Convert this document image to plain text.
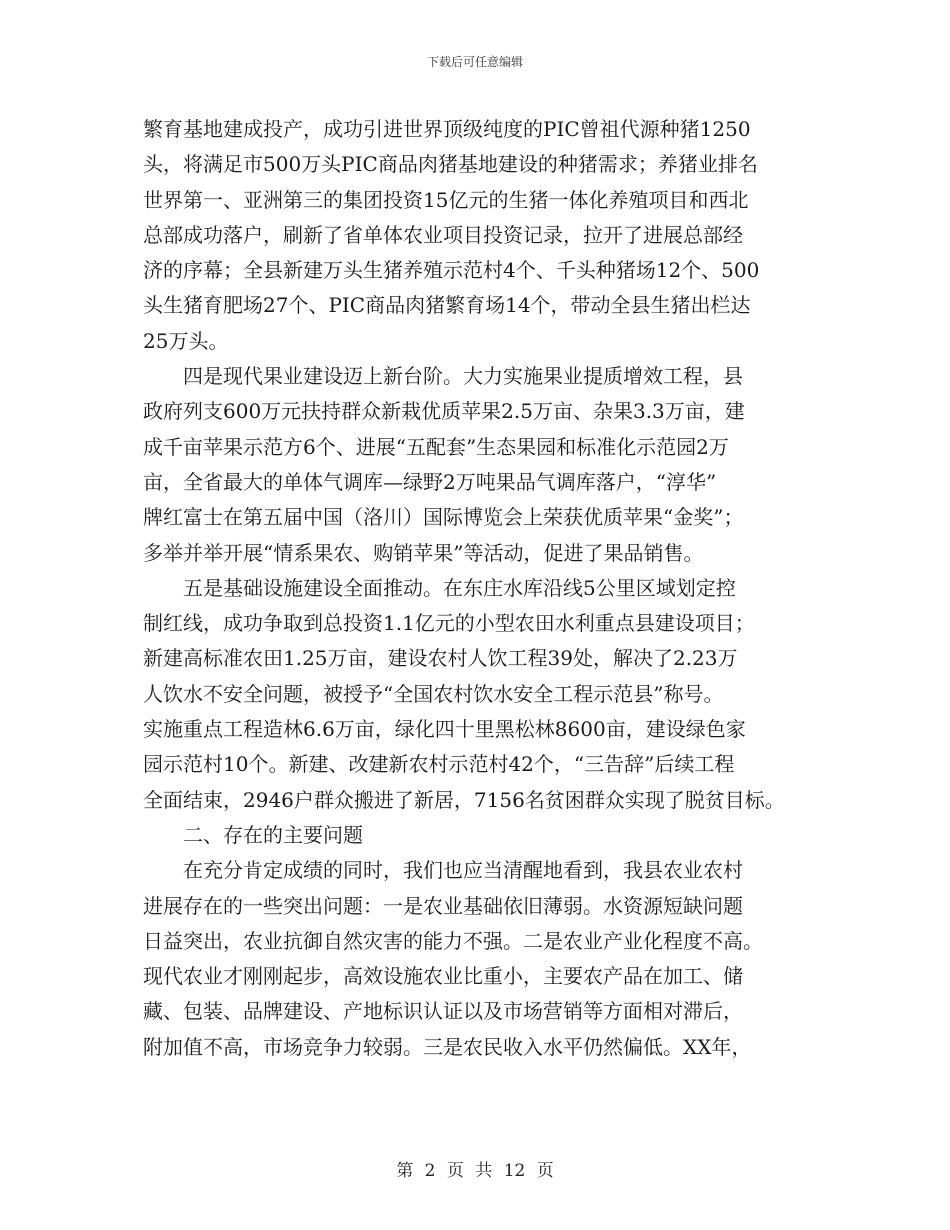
下载后可任意编辑
繁育基地建成投产，成功引进世界顶级纯度的PIC曾祖代源种猪1250
头，将满足市500万头PIC商品肉猪基地建设的种猪需求；养猪业排名
世界第一、亚洲第三的集团投资15亿元的生猪一体化养殖项目和西北
总部成功落户，刷新了省单体农业项目投资记录，拉开了进展总部经
济的序幕；全县新建万头生猪养殖示范村4个、千头种猪场12个、500
头生猪育肥场27个、PIC商品肉猪繁育场14个，带动全县生猪出栏达
25万头。
四是现代果业建设迈上新台阶。大力实施果业提质增效工程，县
政府列支600万元扶持群众新栽优质苹果2.5万亩、杂果3.3万亩，建
成千亩苹果示范方6个、进展“五配套”生态果园和标准化示范园2万
亩，全省最大的单体气调库—绿野2万吨果品气调库落户，“淳华”
牌红富士在第五届中国（洛川）国际博览会上荣获优质苹果“金奖”；
多举并举开展“情系果农、购销苹果”等活动，促进了果品销售。
五是基础设施建设全面推动。在东庄水库沿线5公里区域划定控
制红线，成功争取到总投资1.1亿元的小型农田水利重点县建设项目；
新建高标准农田1.25万亩，建设农村人饮工程39处，解决了2.23万
人饮水不安全问题，被授予“全国农村饮水安全工程示范县”称号。
实施重点工程造林6.6万亩，绿化四十里黑松林8600亩，建设绿色家
园示范村10个。新建、改建新农村示范村42个，“三告辞”后续工程
全面结束，2946户群众搬进了新居，7156名贫困群众实现了脱贫目标。
二、存在的主要问题
在充分肯定成绩的同时，我们也应当清醒地看到，我县农业农村
进展存在的一些突出问题：一是农业基础依旧薄弱。水资源短缺问题
日益突出，农业抗御自然灾害的能力不强。二是农业产业化程度不高。
现代农业才刚刚起步，高效设施农业比重小，主要农产品在加工、储
藏、包装、品牌建设、产地标识认证以及市场营销等方面相对滞后，
附加值不高，市场竞争力较弱。三是农民收入水平仍然偏低。XX年，
第 2 页 共 12 页
